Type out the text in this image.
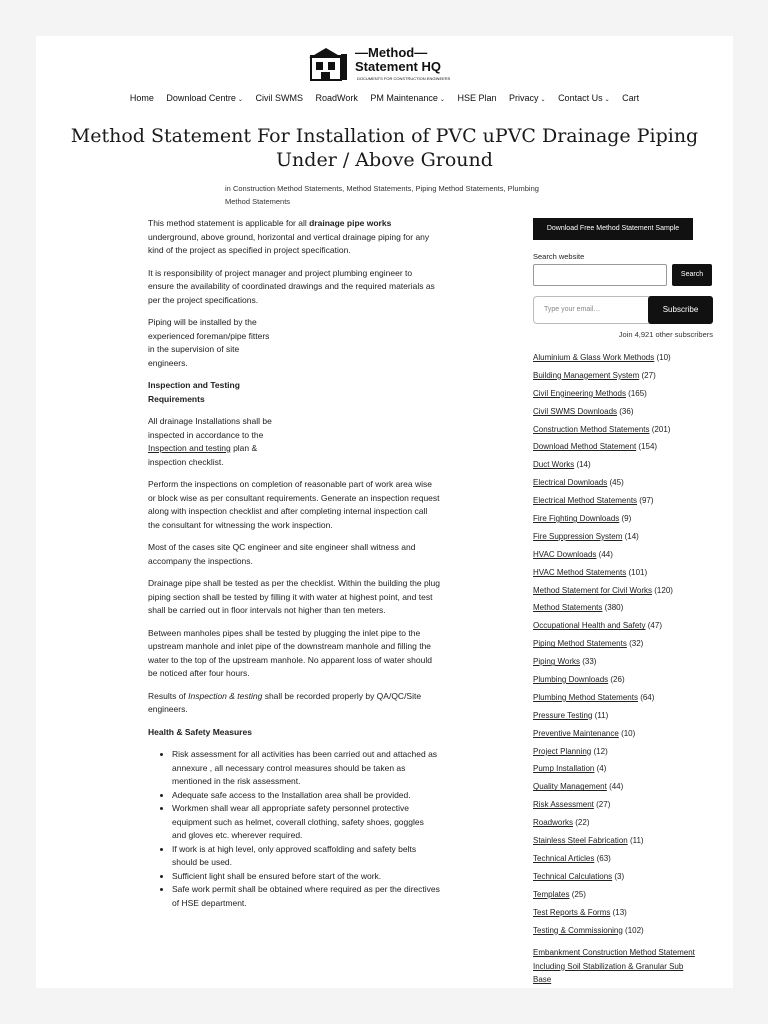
—Method—
Statement HQ
DOCUMENTS FOR CONSTRUCTION ENGINEERS
Home Download Centre ⌄ Civil SWMS RoadWork PM Maintenance ⌄ HSE Plan Privacy ⌄ Contact Us ⌄ Cart
Method Statement For Installation of PVC uPVC Drainage Piping Under / Above Ground
in Construction Method Statements, Method Statements, Piping Method Statements, Plumbing Method Statements

This method statement is applicable for all drainage pipe works underground, above ground, horizontal and vertical drainage piping for any kind of the project as specified in project specification.

It is responsibility of project manager and project plumbing engineer to ensure the availability of coordinated drawings and the required materials as per the project specifications.

Piping will be installed by the experienced foreman/pipe fitters in the supervision of site engineers.

Inspection and Testing Requirements

All drainage Installations shall be inspected in accordance to the Inspection and testing plan & inspection checklist.

Perform the inspections on completion of reasonable part of work area wise or block wise as per consultant requirements. Generate an inspection request along with inspection checklist and after completing internal inspection call the consultant for witnessing the work inspection.

Most of the cases site QC engineer and site engineer shall witness and accompany the inspections.

Drainage pipe shall be tested as per the checklist. Within the building the plug piping section shall be tested by filling it with water at highest point, and test shall be carried out in floor intervals not higher than ten meters.

Between manholes pipes shall be tested by plugging the inlet pipe to the upstream manhole and inlet pipe of the downstream manhole and filling the water to the top of the upstream manhole. No apparent loss of water should be noticed after four hours.

Results of Inspection & testing shall be recorded properly by QA/QC/Site engineers.

Health & Safety Measures
• Risk assessment for all activities has been carried out and attached as annexure , all necessary control measures should be taken as mentioned in the risk assessment.
• Adequate safe access to the Installation area shall be provided.
• Workmen shall wear all appropriate safety personnel protective equipment such as helmet, coverall clothing, safety shoes, goggles and gloves etc. wherever required.
• If work is at high level, only approved scaffolding and safety belts should be used.
• Sufficient light shall be ensured before start of the work.
• Safe work permit shall be obtained where required as per the directives of HSE department.
Download Free Method Statement Sample
Search website
Search
Type your email…	Subscribe
Join 4,921 other subscribers
Aluminium & Glass Work Methods (10)
Building Management System (27)
Civil Engineering Methods (165)
Civil SWMS Downloads (36)
Construction Method Statements (201)
Download Method Statement (154)
Duct Works (14)
Electrical Downloads (45)
Electrical Method Statements (97)
Fire Fighting Downloads (9)
Fire Suppression System (14)
HVAC Downloads (44)
HVAC Method Statements (101)
Method Statement for Civil Works (120)
Method Statements (380)
Occupational Health and Safety (47)
Piping Method Statements (32)
Piping Works (33)
Plumbing Downloads (26)
Plumbing Method Statements (64)
Pressure Testing (11)
Preventive Maintenance (10)
Project Planning (12)
Pump Installation (4)
Quality Management (44)
Risk Assessment (27)
Roadworks (22)
Stainless Steel Fabrication (11)
Technical Articles (63)
Technical Calculations (3)
Templates (25)
Test Reports & Forms (13)
Testing & Commissioning (102)
Embankment Construction Method Statement Including Soil Stabilization & Granular Sub Base
